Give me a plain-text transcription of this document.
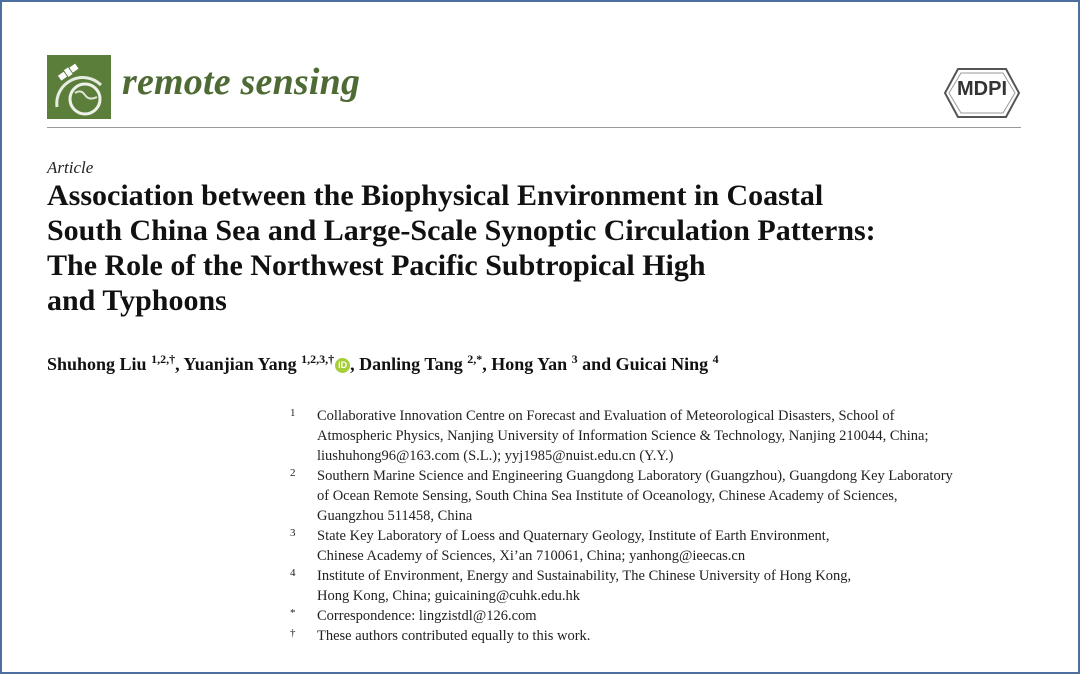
remote sensing	MDPI
Article
Association between the Biophysical Environment in Coastal
South China Sea and Large-Scale Synoptic Circulation Patterns:
The Role of the Northwest Pacific Subtropical High
and Typhoons
Shuhong Liu $^{1,2,\dagger}$, Yuanjian Yang $^{1,2,3,\dagger}$ iD , Danling Tang $^{2,*}$, Hong Yan $^3$ and Guicai Ning $^4$
1 Collaborative Innovation Centre on Forecast and Evaluation of Meteorological Disasters, School of
Atmospheric Physics, Nanjing University of Information Science & Technology, Nanjing 210044, China;
liushuhong96@163.com (S.L.); yyj1985@nuist.edu.cn (Y.Y.)
2 Southern Marine Science and Engineering Guangdong Laboratory (Guangzhou), Guangdong Key Laboratory
of Ocean Remote Sensing, South China Sea Institute of Oceanology, Chinese Academy of Sciences,
Guangzhou 511458, China
3 State Key Laboratory of Loess and Quaternary Geology, Institute of Earth Environment,
Chinese Academy of Sciences, Xi’an 710061, China; yanhong@ieecas.cn
4 Institute of Environment, Energy and Sustainability, The Chinese University of Hong Kong,
Hong Kong, China; guicaining@cuhk.edu.hk
* Correspondence: lingzistdl@126.com
† These authors contributed equally to this work.
